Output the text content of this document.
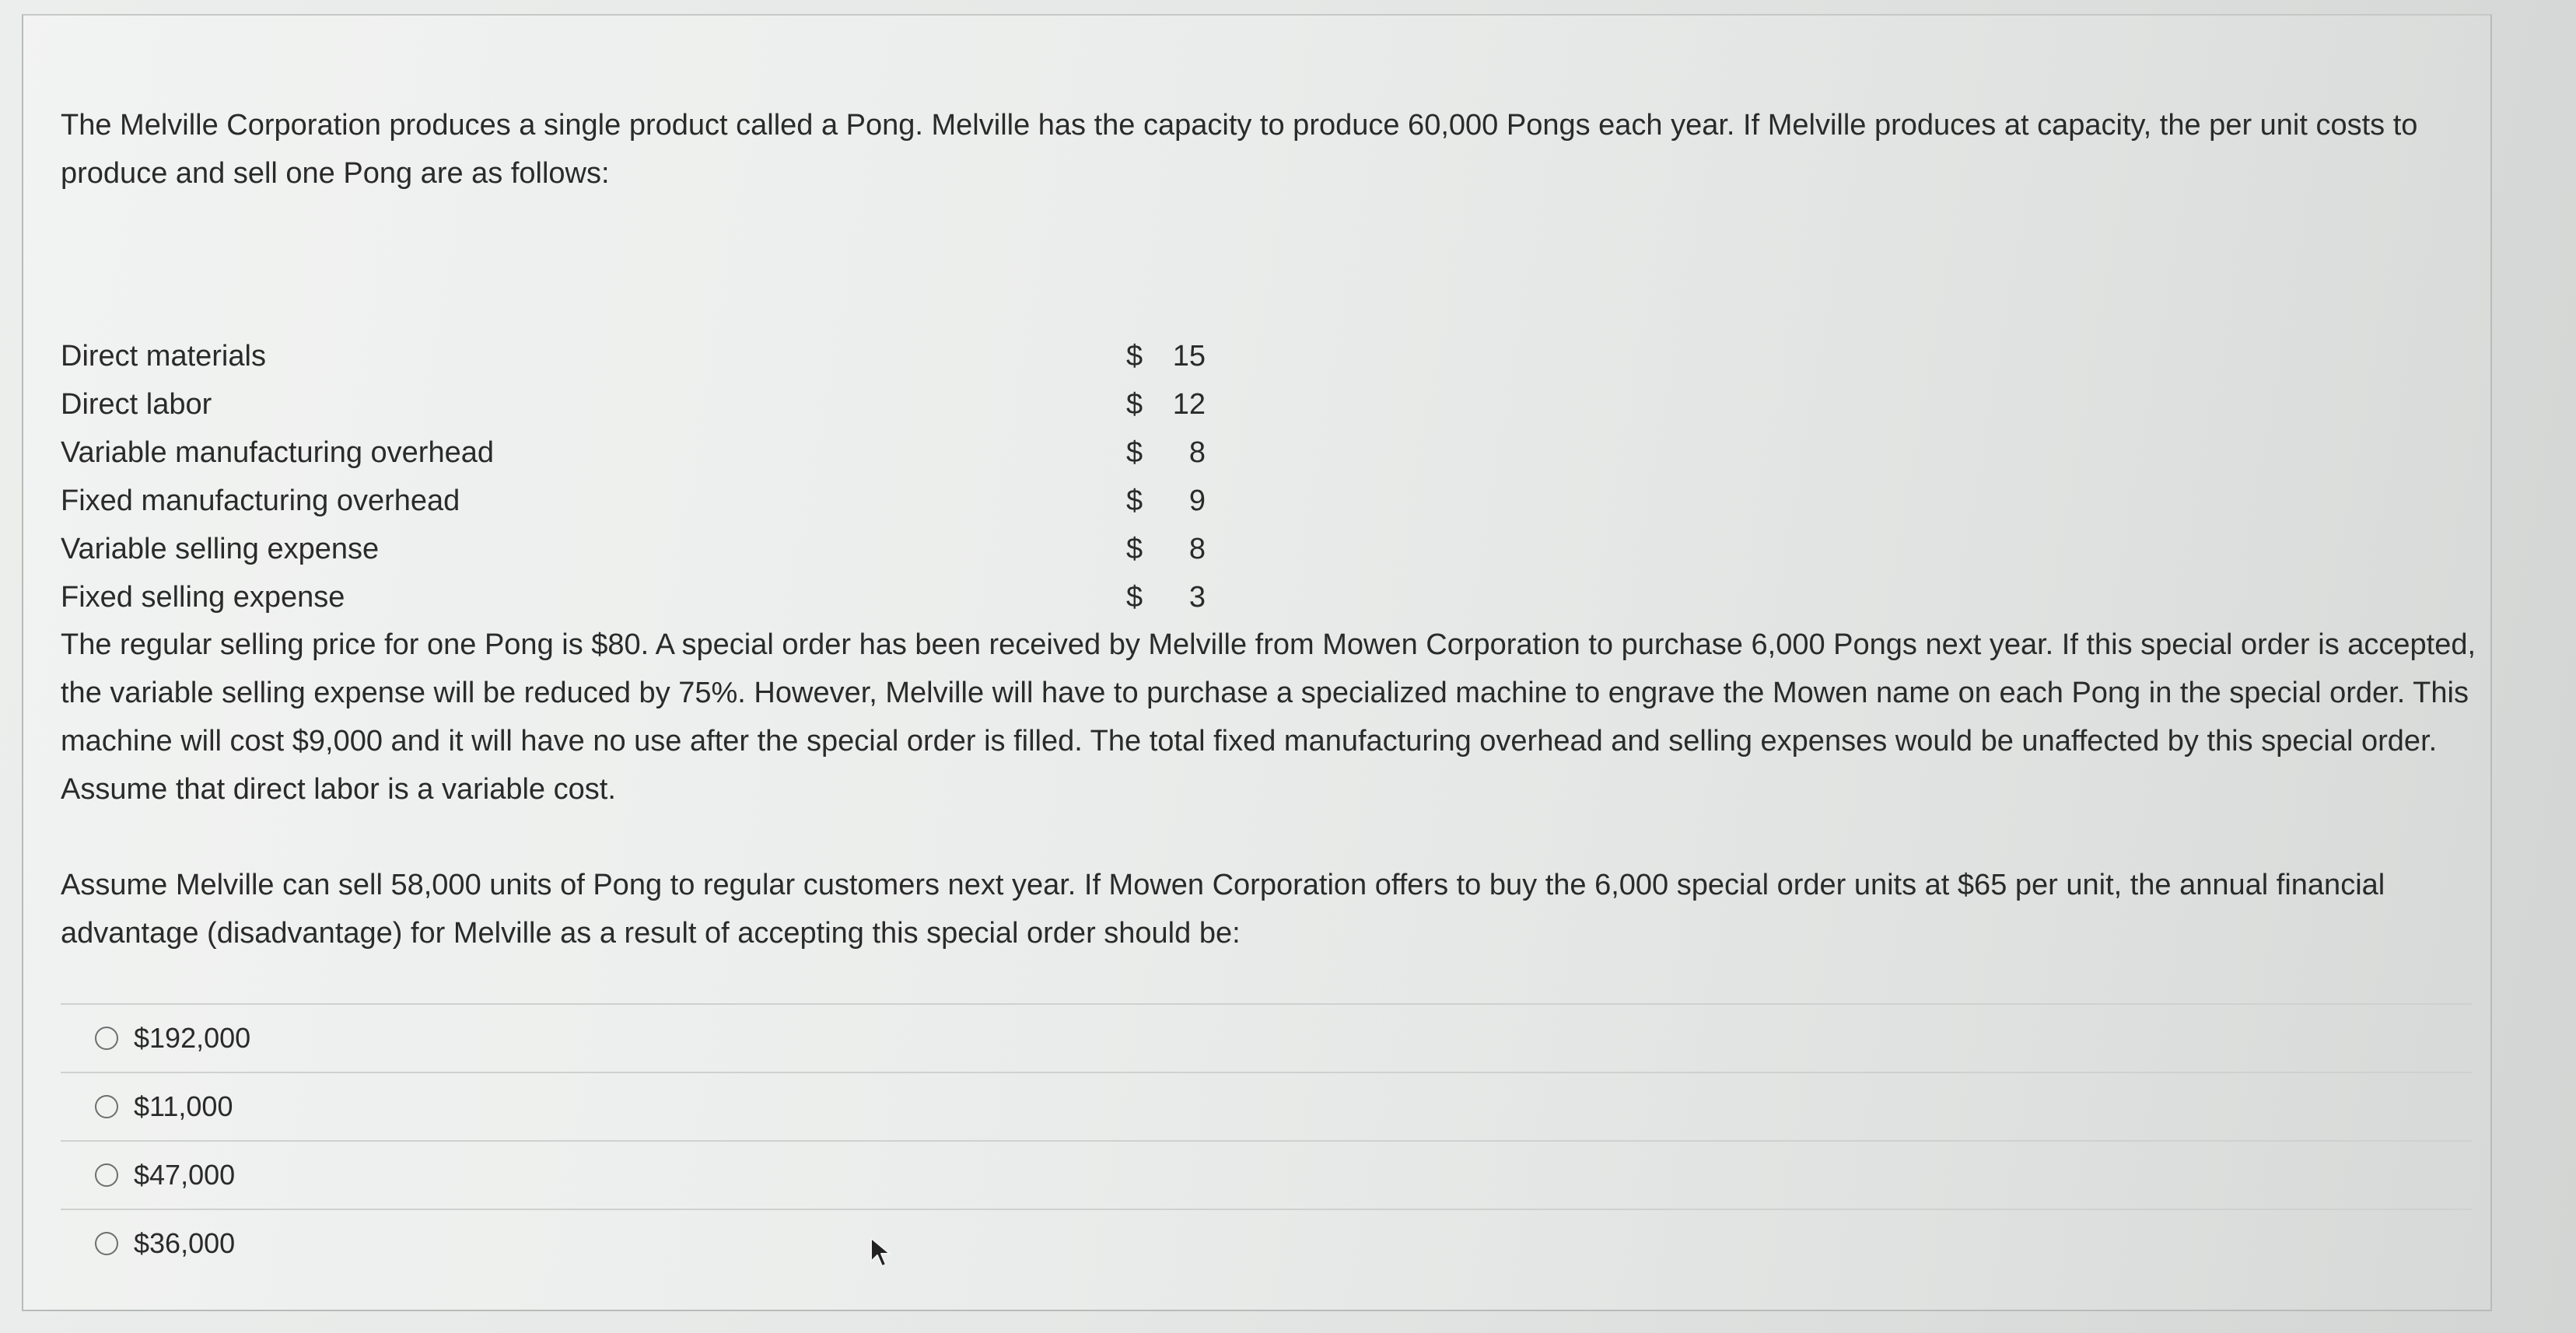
The Melville Corporation produces a single product called a Pong. Melville has the capacity to produce 60,000 Pongs each year. If Melville produces at capacity, the per unit costs to produce and sell one Pong are as follows:

Direct materials	$	15
Direct labor	$	12
Variable manufacturing overhead	$	8
Fixed manufacturing overhead	$	9
Variable selling expense	$	8
Fixed selling expense	$	3

The regular selling price for one Pong is $80. A special order has been received by Melville from Mowen Corporation to purchase 6,000 Pongs next year. If this special order is accepted, the variable selling expense will be reduced by 75%. However, Melville will have to purchase a specialized machine to engrave the Mowen name on each Pong in the special order. This machine will cost $9,000 and it will have no use after the special order is filled. The total fixed manufacturing overhead and selling expenses would be unaffected by this special order. Assume that direct labor is a variable cost.

Assume Melville can sell 58,000 units of Pong to regular customers next year. If Mowen Corporation offers to buy the 6,000 special order units at $65 per unit, the annual financial advantage (disadvantage) for Melville as a result of accepting this special order should be:

$192,000
$11,000
$47,000
$36,000
